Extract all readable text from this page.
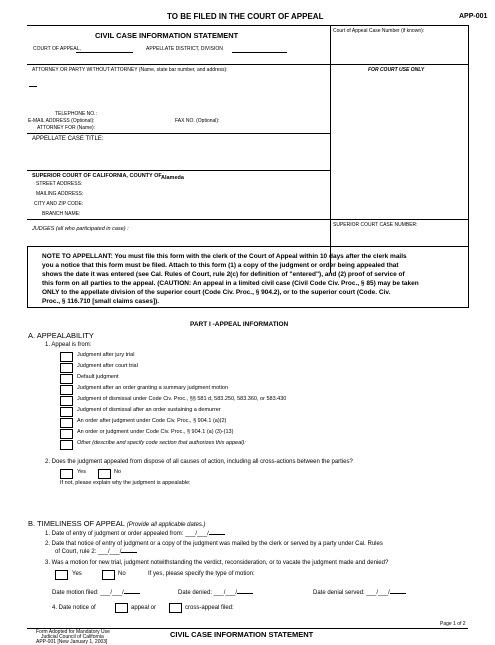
TO BE FILED IN THE COURT OF APPEAL	APP-001
CIVIL CASE INFORMATION STATEMENT	Court of Appeal Case Number (if known):
COURT OF APPEAL,	APPELLATE DISTRICT, DIVISION
ATTORNEY OR PARTY WITHOUT ATTORNEY (Name, state bar number, and address):	FOR COURT USE ONLY
TELEPHONE NO.:
E-MAIL ADDRESS (Optional):	FAX NO. (Optional):
ATTORNEY FOR (Name):
APPELLATE CASE TITLE:
SUPERIOR COURT OF CALIFORNIA, COUNTY OF Alameda
STREET ADDRESS:
MAILING ADDRESS:
CITY AND ZIP CODE:
BRANCH NAME:
JUDGES (all who participated in case) :
SUPERIOR COURT CASE NUMBER:
NOTE TO APPELLANT: You must file this form with the clerk of the Court of Appeal within 10 days after the clerk mails
you a notice that this form must be filed. Attach to this form (1) a copy of the judgment or order being appealed that
shows the date it was entered (see Cal. Rules of Court, rule 2(c) for definition of "entered"), and (2) proof of service of
this form on all parties to the appeal. (CAUTION: An appeal in a limited civil case (Civil Code Civ. Proc., § 85) may be taken
ONLY to the appellate division of the superior court (Code Civ. Proc., § 904.2), or to the superior court (Code. Civ.
Proc., § 116.710 [small claims cases]).
PART I -APPEAL INFORMATION
A. APPEALABILITY
1. Appeal is from:
Judgment after jury trial
Judgment after court trial
Default judgment
Judgment after an order granting a summary judgment motion
Judgment of dismissal under Code Civ. Proc., §§ 581 d, 583.250, 583.360, or 583.430
Judgment of dismissal after an order sustaining a demurrer
An order after judgment under Code Civ. Proc., § 904.1 (a)(2)
An order or judgment under Code Civ. Proc., § 904.1 (a) (3)-(13)
Other (describe and specify code section that authorizes this appeal):
2. Does the judgment appealed from dispose of all causes of action, including all cross-actions between the parties?
Yes	No
If not, please explain why the judgment is appealable:
B. TIMELINESS OF APPEAL (Provide all applicable dates.)
1. Date of entry of judgment or order appealed from: ___/___/
2. Date that notice of entry of judgment or a copy of the judgment was mailed by the clerk or served by a party under Cal. Rules
of Court, rule 2: ___/___/
3. Was a motion for new trial, judgment notwithstanding the verdict, reconsideration, or to vacate the judgment made and denied?
Yes	No	If yes, please specify the type of motion:
Date motion filed: ___/___/	Date denied: ___/___/	Date denial served: ___/___/
4. Date notice of	appeal or	cross-appeal filed:
Page 1 of 2
Form Adopted for Mandatory Use
Judicial Council of California
APP-001 [New January 1, 2003]
CIVIL CASE INFORMATION STATEMENT
